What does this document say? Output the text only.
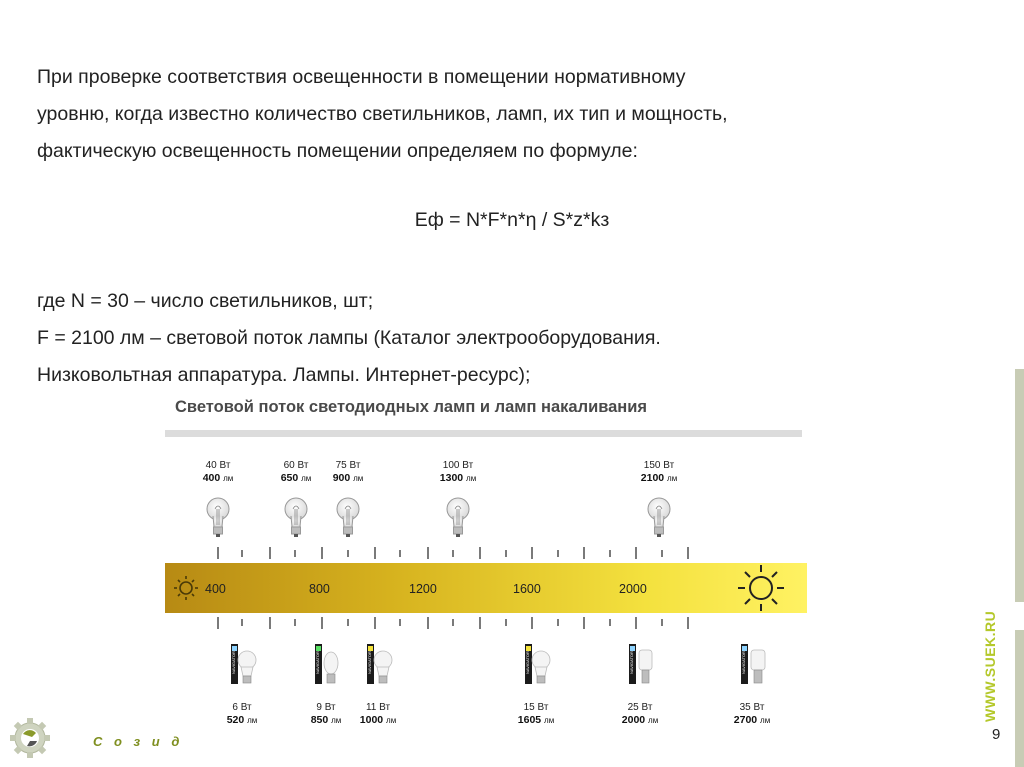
При проверке соответствия освещенности в помещении нормативному
уровню, когда известно количество светильников, ламп, их тип и мощность,
фактическую освещенность помещении определяем по формуле:
Еф = N*F*n*η / S*z*kз
где N = 30 – число светильников, шт;
F = 2100 лм – световой поток лампы (Каталог электрооборудования.
Низковольтная аппаратура. Лампы. Интернет-ресурс);
Световой поток светодиодных ламп и ламп накаливания
400	800	1200	1600	2000
40 Вт
400 лм
60 Вт
650 лм
75 Вт
900 лм
100 Вт
1300 лм
150 Вт
2100 лм
NAVIGATOR
6 Вт
520 лм
NAVIGATOR
9 Вт
850 лм
NAVIGATOR
11 Вт
1000 лм
NAVIGATOR
15 Вт
1605 лм
NAVIGATOR
25 Вт
2000 лм
NAVIGATOR
35 Вт
2700 лм	WWW.SUEK.RU
9
С о з и д
